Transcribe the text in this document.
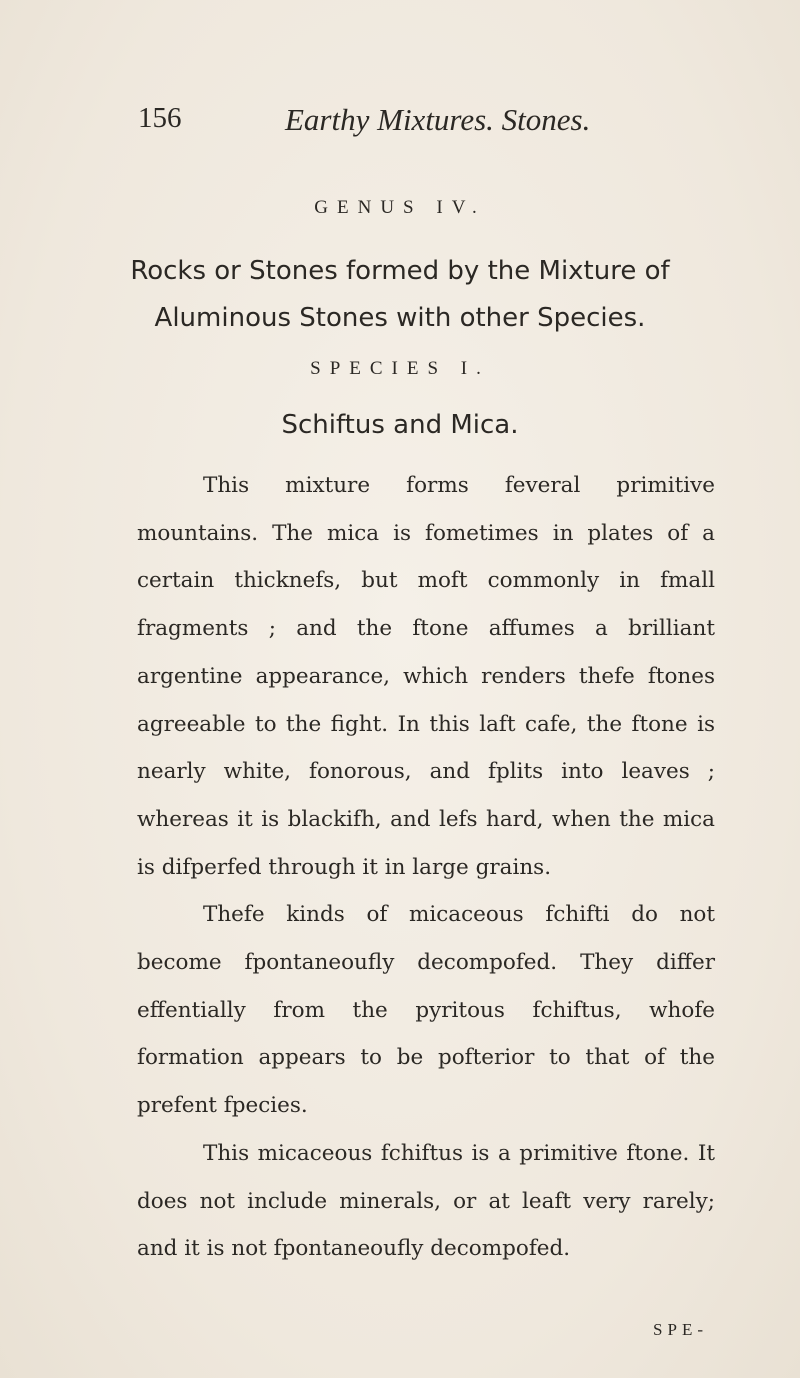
156	Earthy Mixtures. Stones.
GENUS IV.
Rocks or Stones formed by the Mixture of
Aluminous Stones with other Species.
SPECIES I.
Schiftus and Mica.

This mixture forms feveral primitive mountains. The mica is fometimes in plates of a certain thicknefs, but moft commonly in fmall fragments ; and the ftone affumes a brilliant argentine appearance, which renders thefe ftones agreeable to the fight. In this laft cafe, the ftone is nearly white, fonorous, and fplits into leaves ; whereas it is blackifh, and lefs hard, when the mica is difperfed through it in large grains.

Thefe kinds of micaceous fchifti do not become fpontaneoufly decompofed. They differ effentially from the pyritous fchiftus, whofe formation appears to be pofterior to that of the prefent fpecies.

This micaceous fchiftus is a primitive ftone. It does not include minerals, or at leaft very rarely; and it is not fpontaneoufly decompofed.

SPE-
